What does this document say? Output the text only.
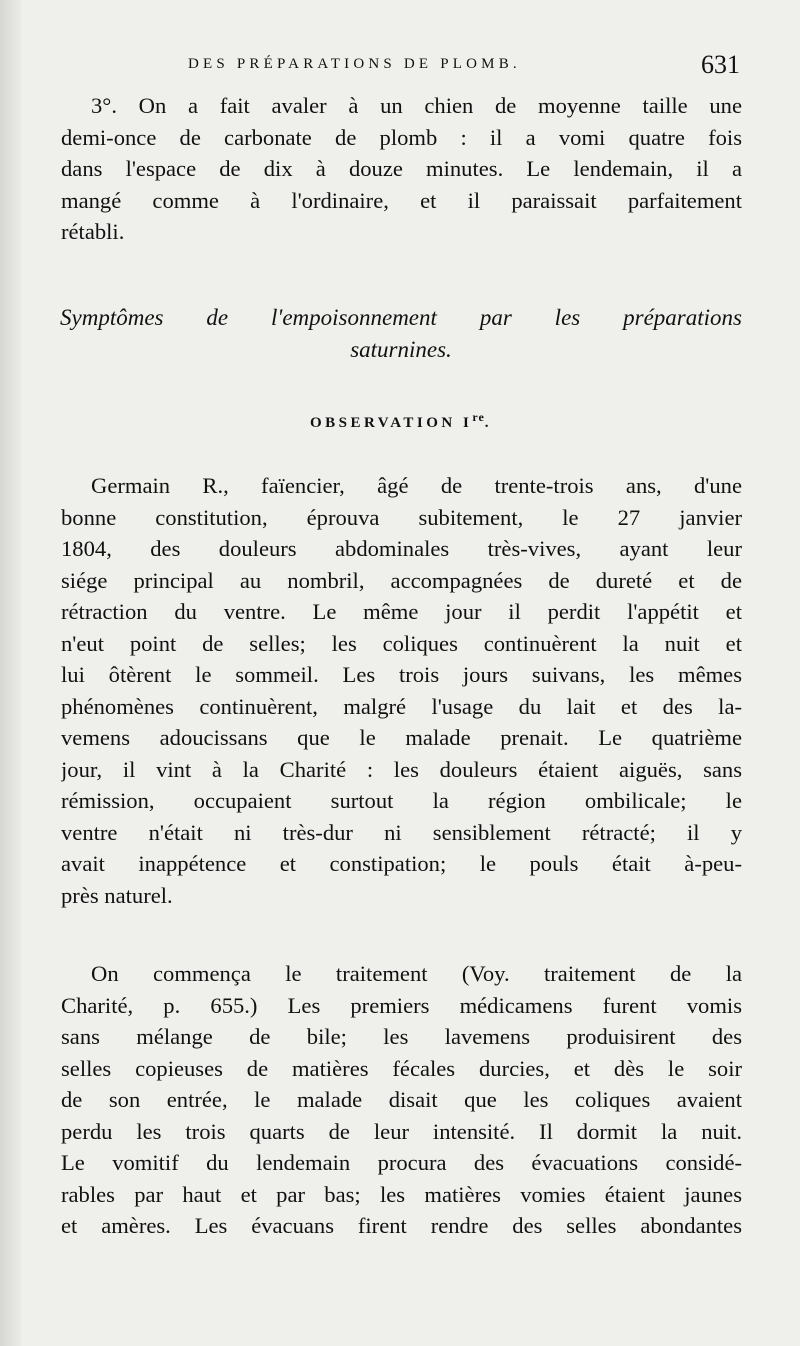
DES PRÉPARATIONS DE PLOMB.	631
3°. On a fait avaler à un chien de moyenne taille une
demi-once de carbonate de plomb : il a vomi quatre fois
dans l'espace de dix à douze minutes. Le lendemain, il a
mangé comme à l'ordinaire, et il paraissait parfaitement
rétabli.
Symptômes de l'empoisonnement par les préparations
saturnines.
OBSERVATION Ire.
Germain R., faïencier, âgé de trente-trois ans, d'une
bonne constitution, éprouva subitement, le 27 janvier
1804, des douleurs abdominales très-vives, ayant leur
siége principal au nombril, accompagnées de dureté et de
rétraction du ventre. Le même jour il perdit l'appétit et
n'eut point de selles; les coliques continuèrent la nuit et
lui ôtèrent le sommeil. Les trois jours suivans, les mêmes
phénomènes continuèrent, malgré l'usage du lait et des la-
vemens adoucissans que le malade prenait. Le quatrième
jour, il vint à la Charité : les douleurs étaient aiguës, sans
rémission, occupaient surtout la région ombilicale; le
ventre n'était ni très-dur ni sensiblement rétracté; il y
avait inappétence et constipation; le pouls était à-peu-
près naturel.
On commença le traitement (Voy. traitement de la
Charité, p. 655.) Les premiers médicamens furent vomis
sans mélange de bile; les lavemens produisirent des
selles copieuses de matières fécales durcies, et dès le soir
de son entrée, le malade disait que les coliques avaient
perdu les trois quarts de leur intensité. Il dormit la nuit.
Le vomitif du lendemain procura des évacuations considé-
rables par haut et par bas; les matières vomies étaient jaunes
et amères. Les évacuans firent rendre des selles abondantes
